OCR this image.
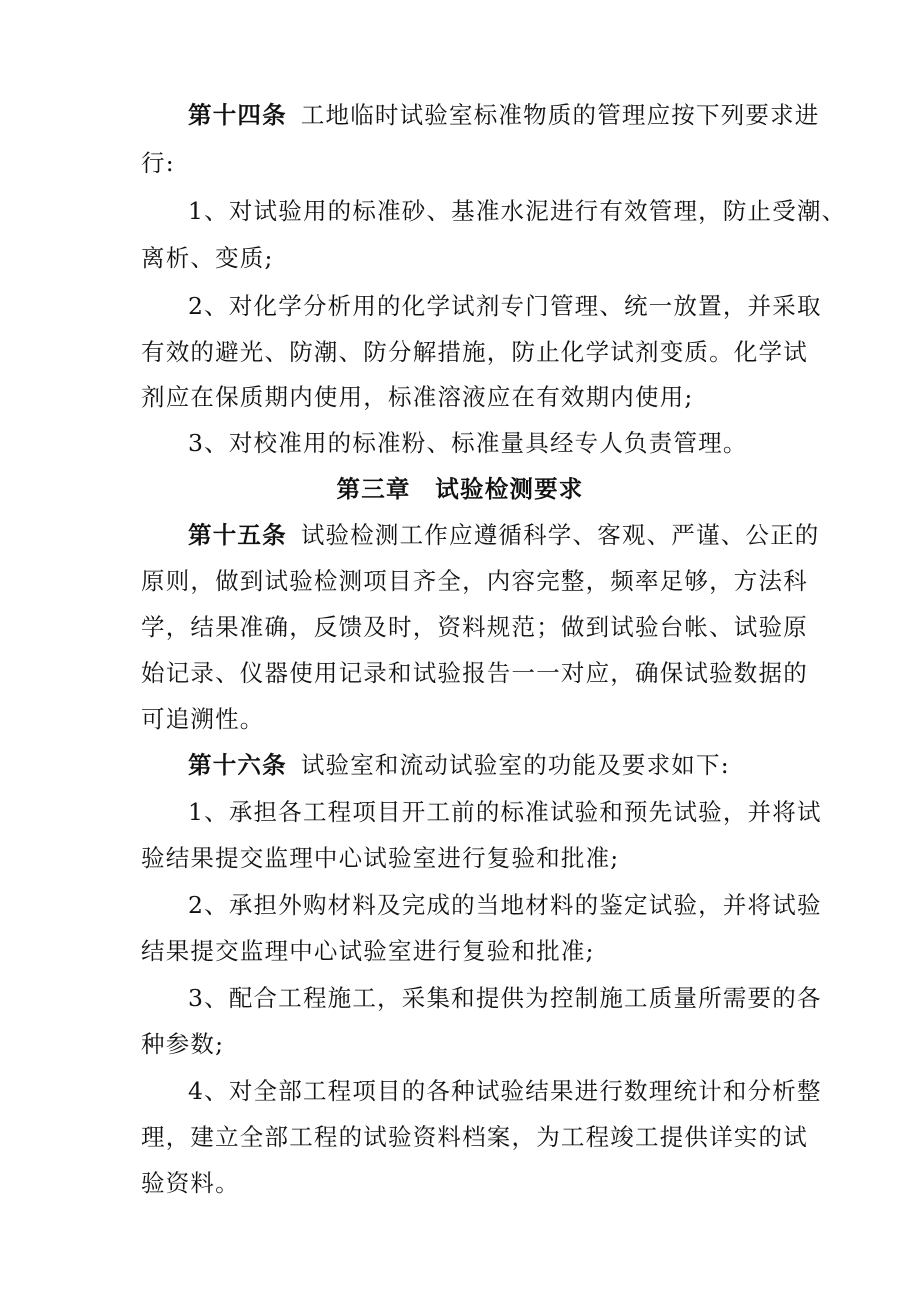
第十四条 工地临时试验室标准物质的管理应按下列要求进
行:
1、对试验用的标准砂、基准水泥进行有效管理，防止受潮、
离析、变质;
2、对化学分析用的化学试剂专门管理、统一放置，并采取
有效的避光、防潮、防分解措施，防止化学试剂变质。化学试
剂应在保质期内使用，标准溶液应在有效期内使用;
3、对校准用的标准粉、标准量具经专人负责管理。
第三章　试验检测要求
第十五条 试验检测工作应遵循科学、客观、严谨、公正的
原则，做到试验检测项目齐全，内容完整，频率足够，方法科
学，结果准确，反馈及时，资料规范；做到试验台帐、试验原
始记录、仪器使用记录和试验报告一一对应，确保试验数据的
可追溯性。
第十六条 试验室和流动试验室的功能及要求如下:
1、承担各工程项目开工前的标准试验和预先试验，并将试
验结果提交监理中心试验室进行复验和批准;
2、承担外购材料及完成的当地材料的鉴定试验，并将试验
结果提交监理中心试验室进行复验和批准;
3、配合工程施工，采集和提供为控制施工质量所需要的各
种参数;
4、对全部工程项目的各种试验结果进行数理统计和分析整
理，建立全部工程的试验资料档案，为工程竣工提供详实的试
验资料。
